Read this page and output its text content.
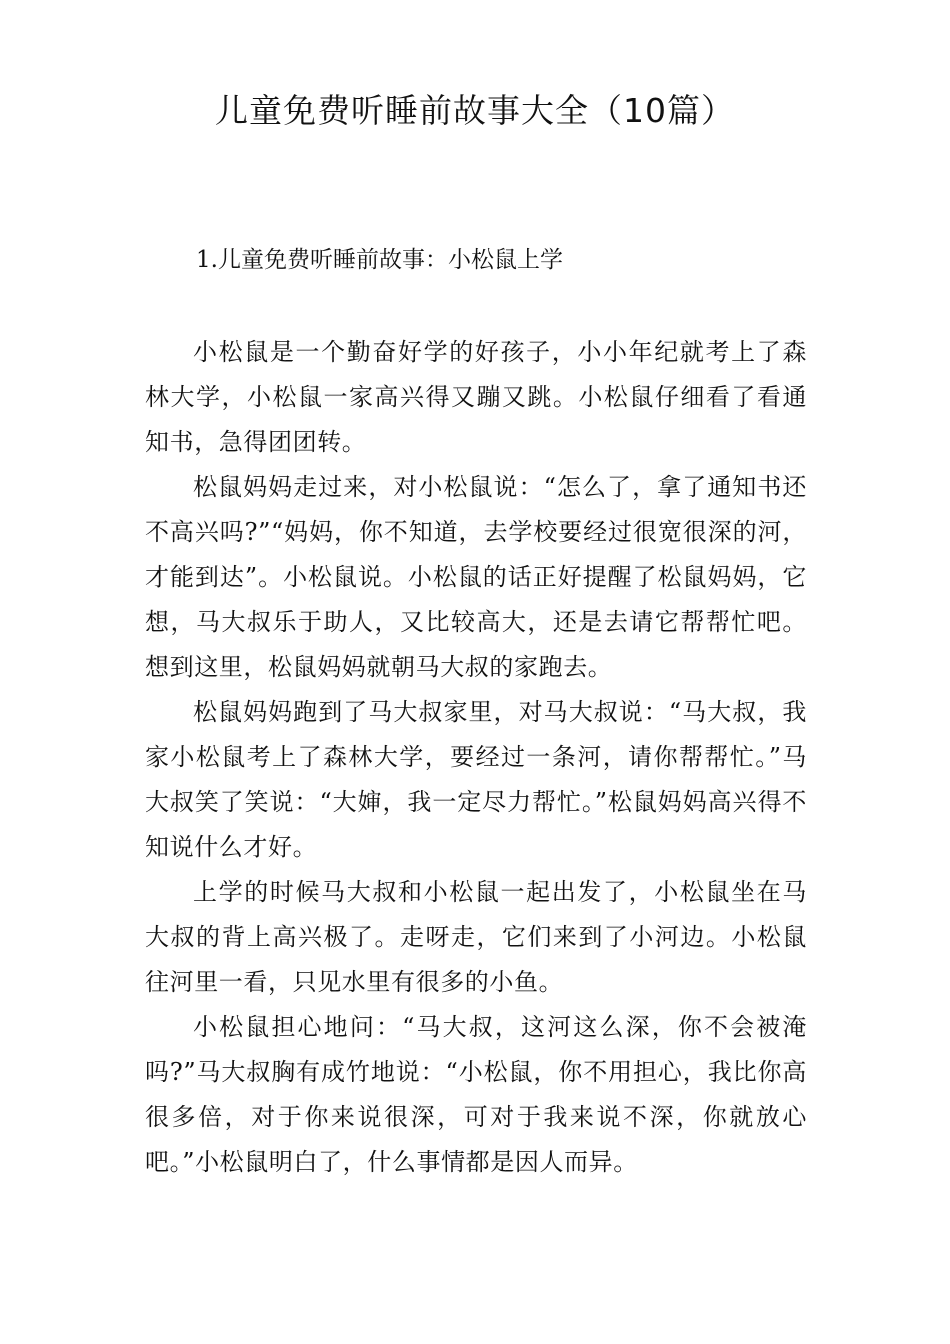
儿童免费听睡前故事大全（10篇）
1.儿童免费听睡前故事：小松鼠上学

小松鼠是一个勤奋好学的好孩子，小小年纪就考上了森林大学，小松鼠一家高兴得又蹦又跳。小松鼠仔细看了看通知书，急得团团转。

松鼠妈妈走过来，对小松鼠说：“怎么了，拿了通知书还不高兴吗?”“妈妈，你不知道，去学校要经过很宽很深的河，才能到达”。小松鼠说。小松鼠的话正好提醒了松鼠妈妈，它想，马大叔乐于助人，又比较高大，还是去请它帮帮忙吧。想到这里，松鼠妈妈就朝马大叔的家跑去。

松鼠妈妈跑到了马大叔家里，对马大叔说：“马大叔，我家小松鼠考上了森林大学，要经过一条河，请你帮帮忙。”马大叔笑了笑说：“大婶，我一定尽力帮忙。”松鼠妈妈高兴得不知说什么才好。

上学的时候马大叔和小松鼠一起出发了，小松鼠坐在马大叔的背上高兴极了。走呀走，它们来到了小河边。小松鼠往河里一看，只见水里有很多的小鱼。

小松鼠担心地问：“马大叔，这河这么深，你不会被淹吗?”马大叔胸有成竹地说：“小松鼠，你不用担心，我比你高很多倍，对于你来说很深，可对于我来说不深，你就放心吧。”小松鼠明白了，什么事情都是因人而异。
